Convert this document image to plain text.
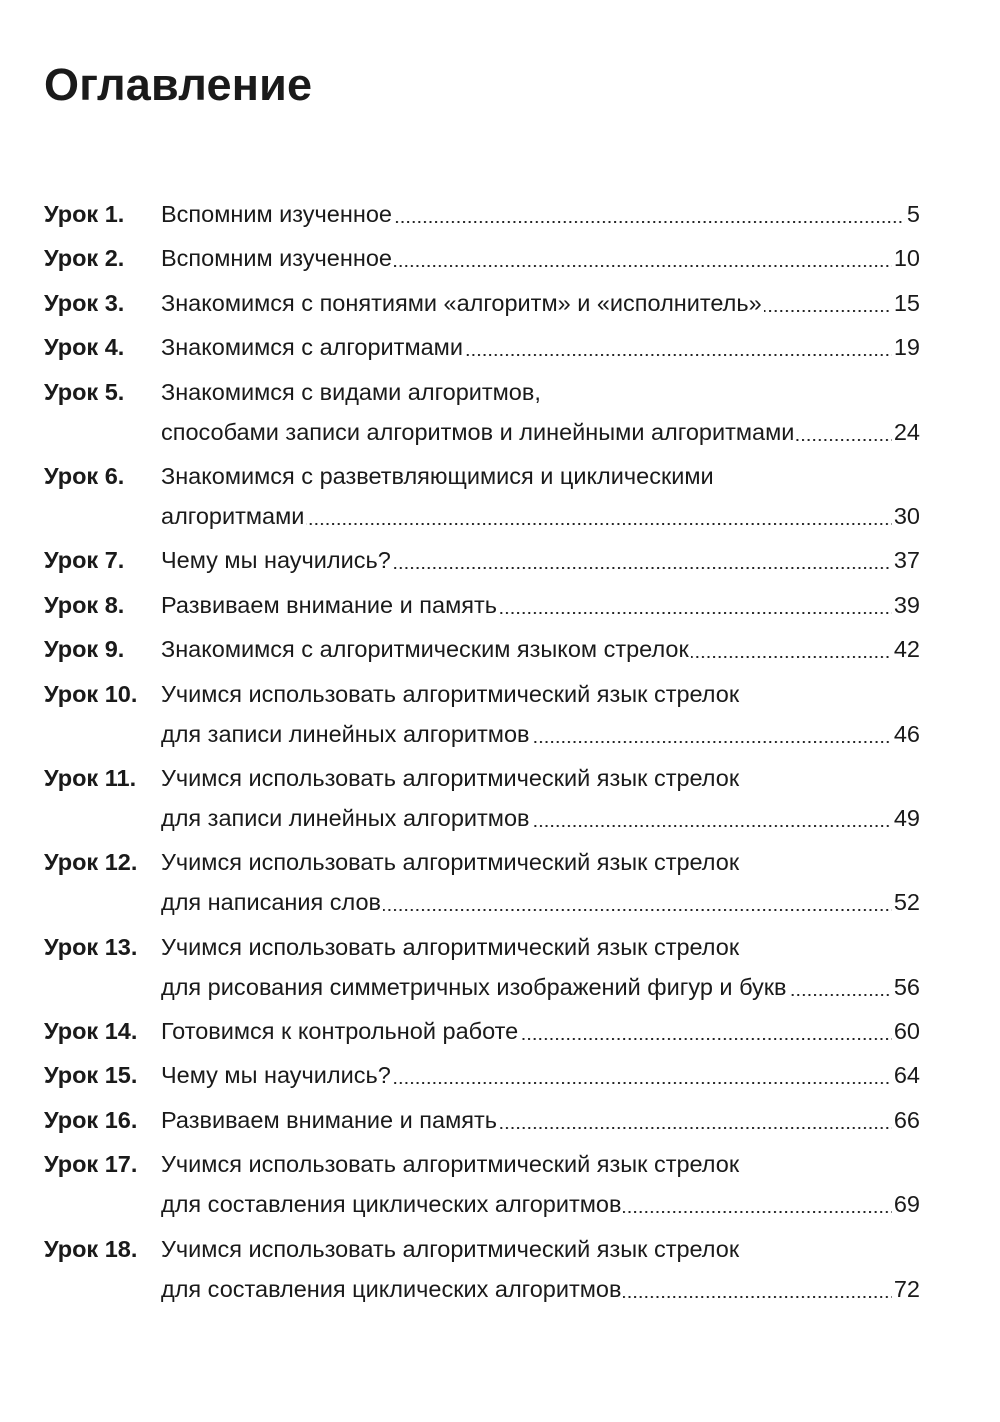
Оглавление
Урок 1.	Вспомним изученное	5
Урок 2.	Вспомним изученное	10
Урок 3.	Знакомимся с понятиями «алгоритм» и «исполнитель»	15
Урок 4.	Знакомимся с алгоритмами	19
Урок 5.	Знакомимся с видами алгоритмов,
способами записи алгоритмов и линейными алгоритмами	24
Урок 6.	Знакомимся с разветвляющимися и циклическими
алгоритмами	30
Урок 7.	Чему мы научились?	37
Урок 8.	Развиваем внимание и память	39
Урок 9.	Знакомимся с алгоритмическим языком стрелок	42
Урок 10.	Учимся использовать алгоритмический язык стрелок
для записи линейных алгоритмов	46
Урок 11.	Учимся использовать алгоритмический язык стрелок
для записи линейных алгоритмов	49
Урок 12.	Учимся использовать алгоритмический язык стрелок
для написания слов	52
Урок 13.	Учимся использовать алгоритмический язык стрелок
для рисования симметричных изображений фигур и букв	56
Урок 14.	Готовимся к контрольной работе	60
Урок 15.	Чему мы научились?	64
Урок 16.	Развиваем внимание и память	66
Урок 17.	Учимся использовать алгоритмический язык стрелок
для составления циклических алгоритмов	69
Урок 18.	Учимся использовать алгоритмический язык стрелок
для составления циклических алгоритмов	72
